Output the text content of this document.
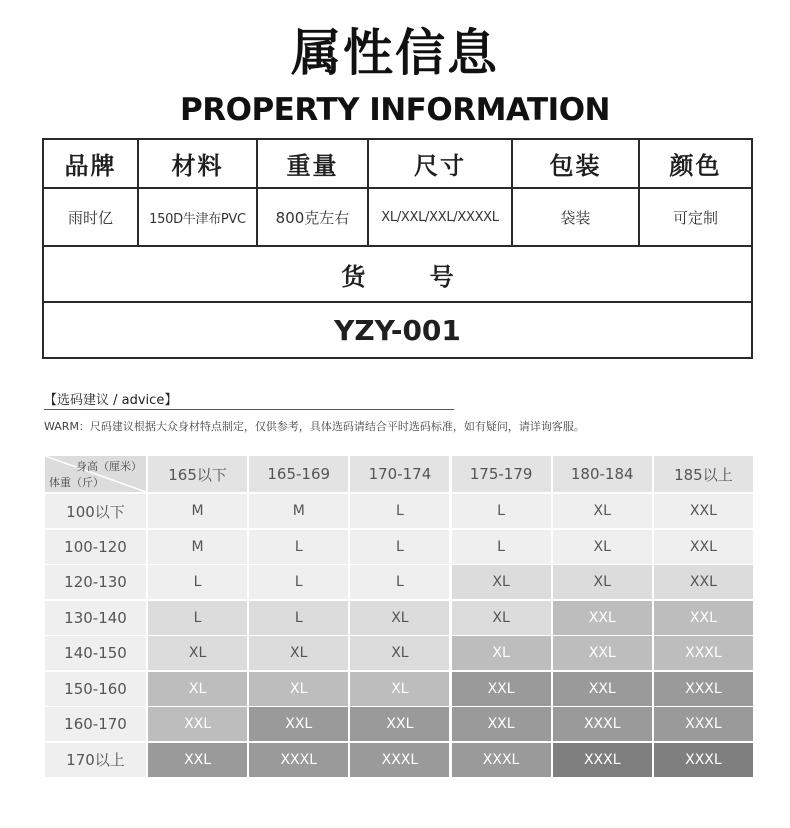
属性信息
PROPERTY INFORMATION
品牌	材料	重量	尺寸	包装	颜色
雨时亿	150D牛津布PVC	800克左右	XL/XXL/XXL/XXXXL	袋装	可定制
货 号
YZY-001
【选码建议 / advice】
WARM：尺码建议根据大众身材特点制定，仅供参考，具体选码请结合平时选码标准，如有疑问，请详询客服。
身高（厘米）
体重（斤）	165以下	165-169	170-174	175-179	180-184	185以上
100以下	M	M	L	L	XL	XXL
100-120	M	L	L	L	XL	XXL
120-130	L	L	L	XL	XL	XXL
130-140	L	L	XL	XL	XXL	XXL
140-150	XL	XL	XL	XL	XXL	XXXL
150-160	XL	XL	XL	XXL	XXL	XXXL
160-170	XXL	XXL	XXL	XXL	XXXL	XXXL
170以上	XXL	XXXL	XXXL	XXXL	XXXL	XXXL
